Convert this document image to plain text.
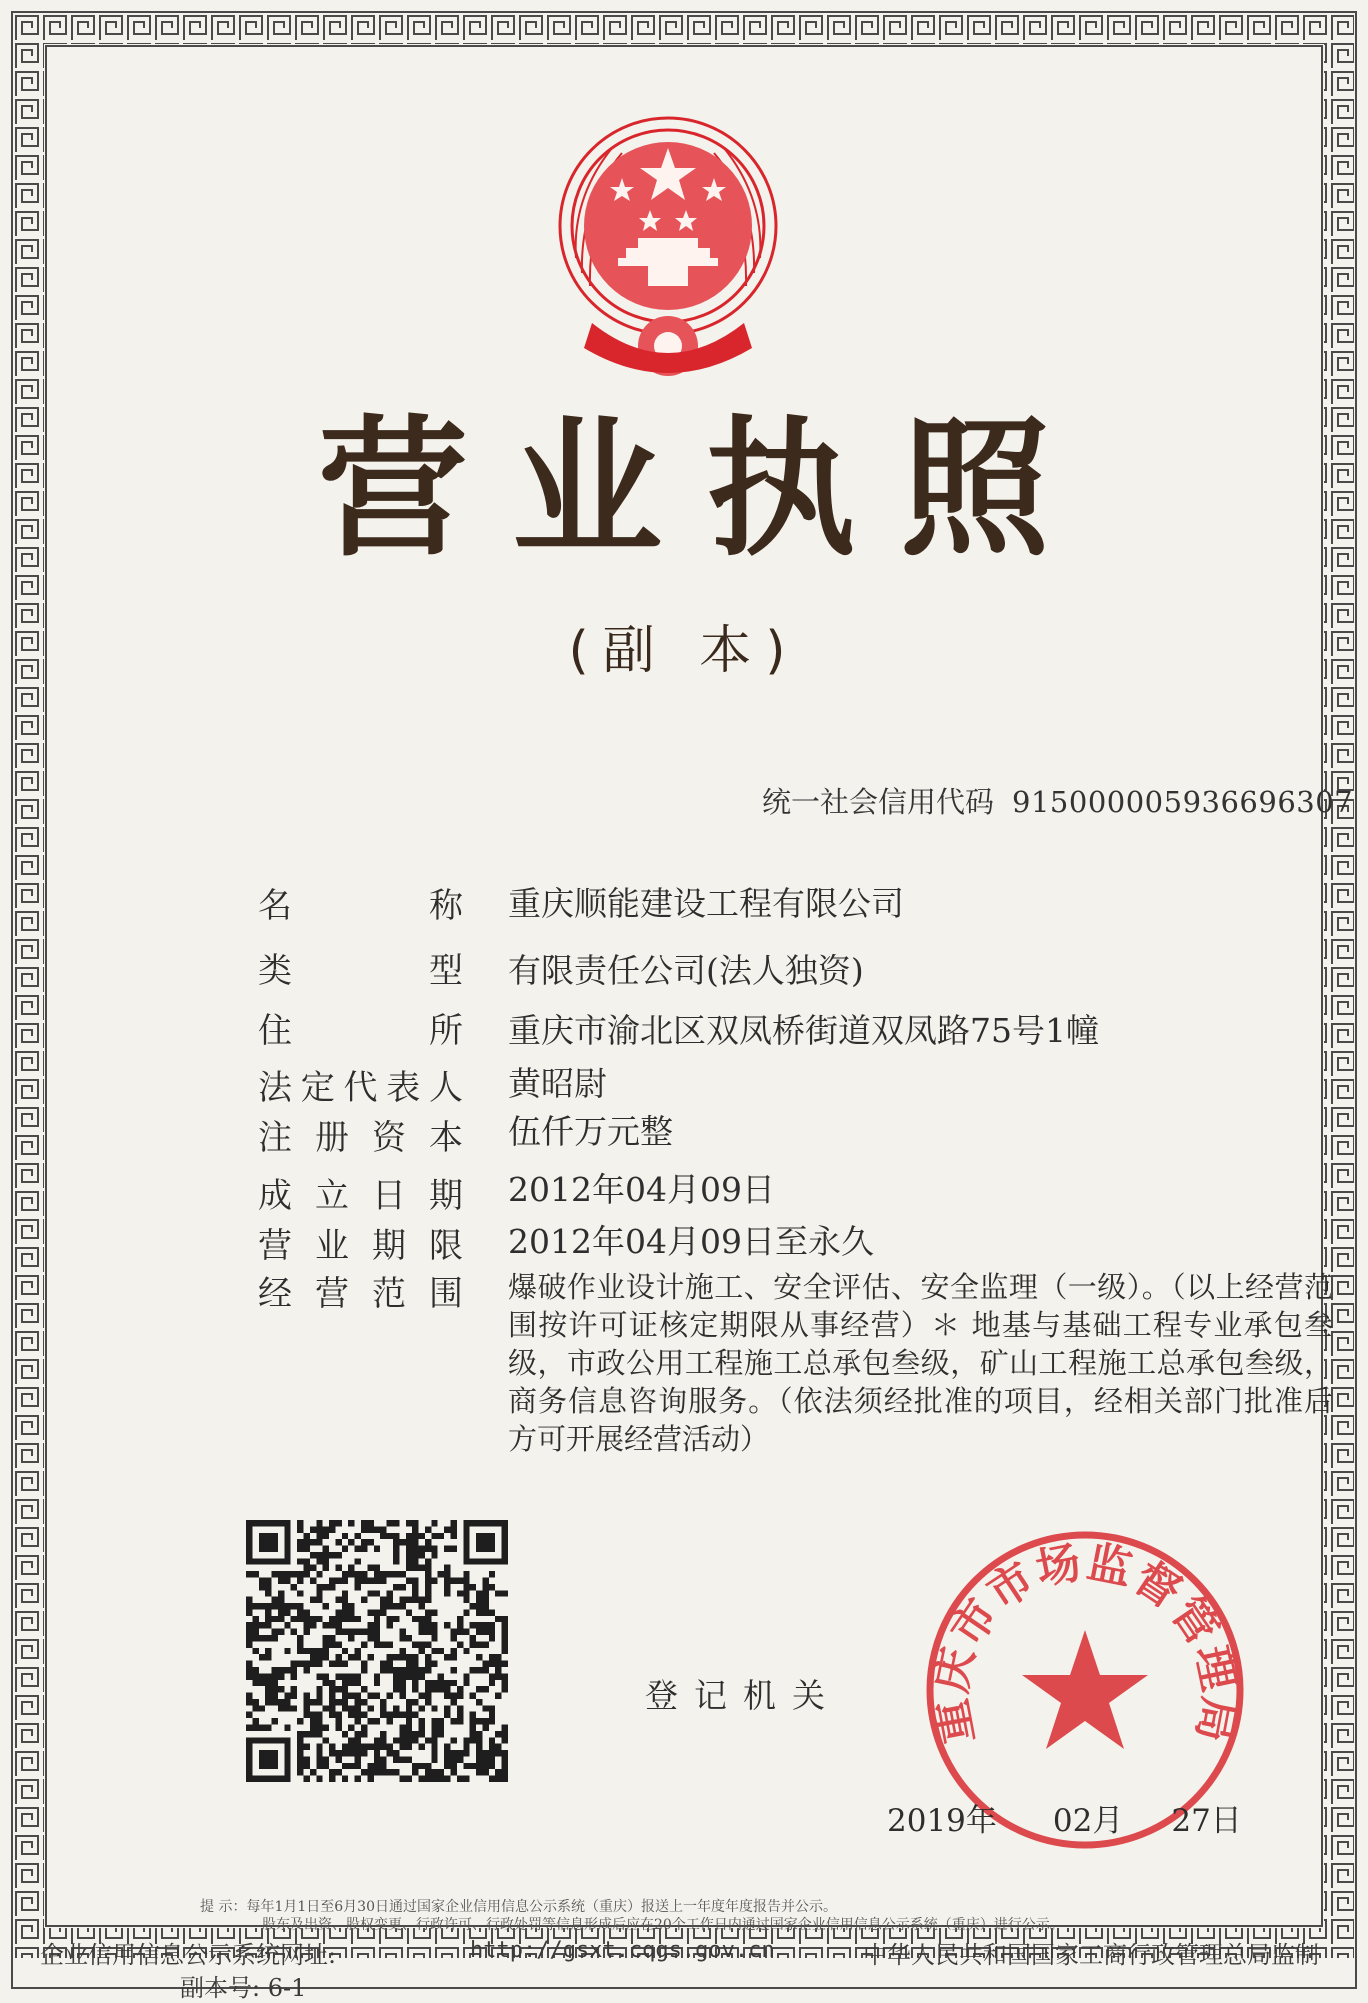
营业执照
(副 本)
统一社会信用代码 915000005936696307
名称 重庆顺能建设工程有限公司
类型 有限责任公司(法人独资)
住所 重庆市渝北区双凤桥街道双凤路75号1幢
法定代表人 黄昭尉
注册资本 伍仟万元整
成立日期 2012年04月09日
营业期限 2012年04月09日至永久
经营范围 爆破作业设计施工、安全评估、安全监理（一级）。（以上经营范围按许可证核定期限从事经营）＊ 地基与基础工程专业承包叁级，市政公用工程施工总承包叁级，矿山工程施工总承包叁级，商务信息咨询服务。（依法须经批准的项目，经相关部门批准后方可开展经营活动）
登记机关 重庆市市场监督管理局
2019年 02月 27日
提 示：每年1月1日至6月30日通过国家企业信用信息公示系统（重庆）报送上一年度年度报告并公示。
股东及出资、股权变更、行政许可、行政处罚等信息形成后应在20个工作日内通过国家企业信用信息公示系统（重庆）进行公示。
企业信用信息公示系统网址:	http://gsxt.cqgs.gov.cn	中华人民共和国国家工商行政管理总局监制
副本号: 6-1
